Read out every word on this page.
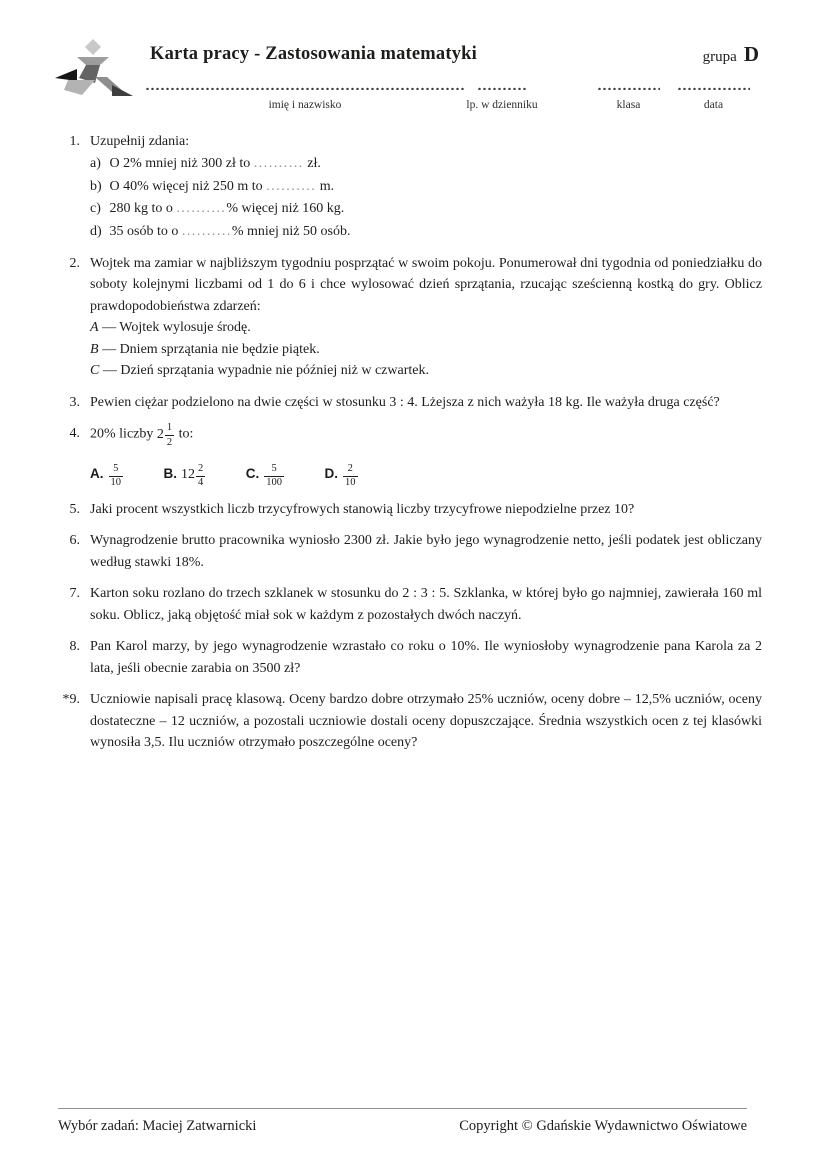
Karta pracy - Zastosowania matematyki	grupa D
imię i nazwisko	lp. w dzienniku	klasa	data
1. Uzupełnij zdania:
a) O 2% mniej niż 300 zł to .......... zł.
b) O 40% więcej niż 250 m to .......... m.
c) 280 kg to o ..........% więcej niż 160 kg.
d) 35 osób to o ..........% mniej niż 50 osób.
2. Wojtek ma zamiar w najbliższym tygodniu posprzątać w swoim pokoju. Ponumerował dni tygodnia od poniedziałku do soboty kolejnymi liczbami od 1 do 6 i chce wylosować dzień sprzątania, rzucając sześcienną kostką do gry. Oblicz prawdopodobieństwa zdarzeń:
A — Wojtek wylosuje środę.
B — Dniem sprzątania nie będzie piątek.
C — Dzień sprzątania wypadnie nie później niż w czwartek.
3. Pewien ciężar podzielono na dwie części w stosunku 3 : 4. Lżejsza z nich ważyła 18 kg. Ile ważyła druga część?
4. 20% liczby $2 \frac{1}{2}$ to:
A. $\frac{5}{10}$	B. $12 \frac{2}{4}$	C. $\frac{5}{100}$	D. $\frac{2}{10}$
5. Jaki procent wszystkich liczb trzycyfrowych stanowią liczby trzycyfrowe niepodzielne przez 10?
6. Wynagrodzenie brutto pracownika wyniosło 2300 zł. Jakie było jego wynagrodzenie netto, jeśli podatek jest obliczany według stawki 18%.
7. Karton soku rozlano do trzech szklanek w stosunku do 2 : 3 : 5. Szklanka, w której było go najmniej, zawierała 160 ml soku. Oblicz, jaką objętość miał sok w każdym z pozostałych dwóch naczyń.
8. Pan Karol marzy, by jego wynagrodzenie wzrastało co roku o 10%. Ile wyniosłoby wynagrodzenie pana Karola za 2 lata, jeśli obecnie zarabia on 3500 zł?
*9. Uczniowie napisali pracę klasową. Oceny bardzo dobre otrzymało 25% uczniów, oceny dobre – 12,5% uczniów, oceny dostateczne – 12 uczniów, a pozostali uczniowie dostali oceny dopuszczające. Średnia wszystkich ocen z tej klasówki wynosiła 3,5. Ilu uczniów otrzymało poszczególne oceny?
Wybór zadań: Maciej Zatwarnicki	Copyright © Gdańskie Wydawnictwo Oświatowe
